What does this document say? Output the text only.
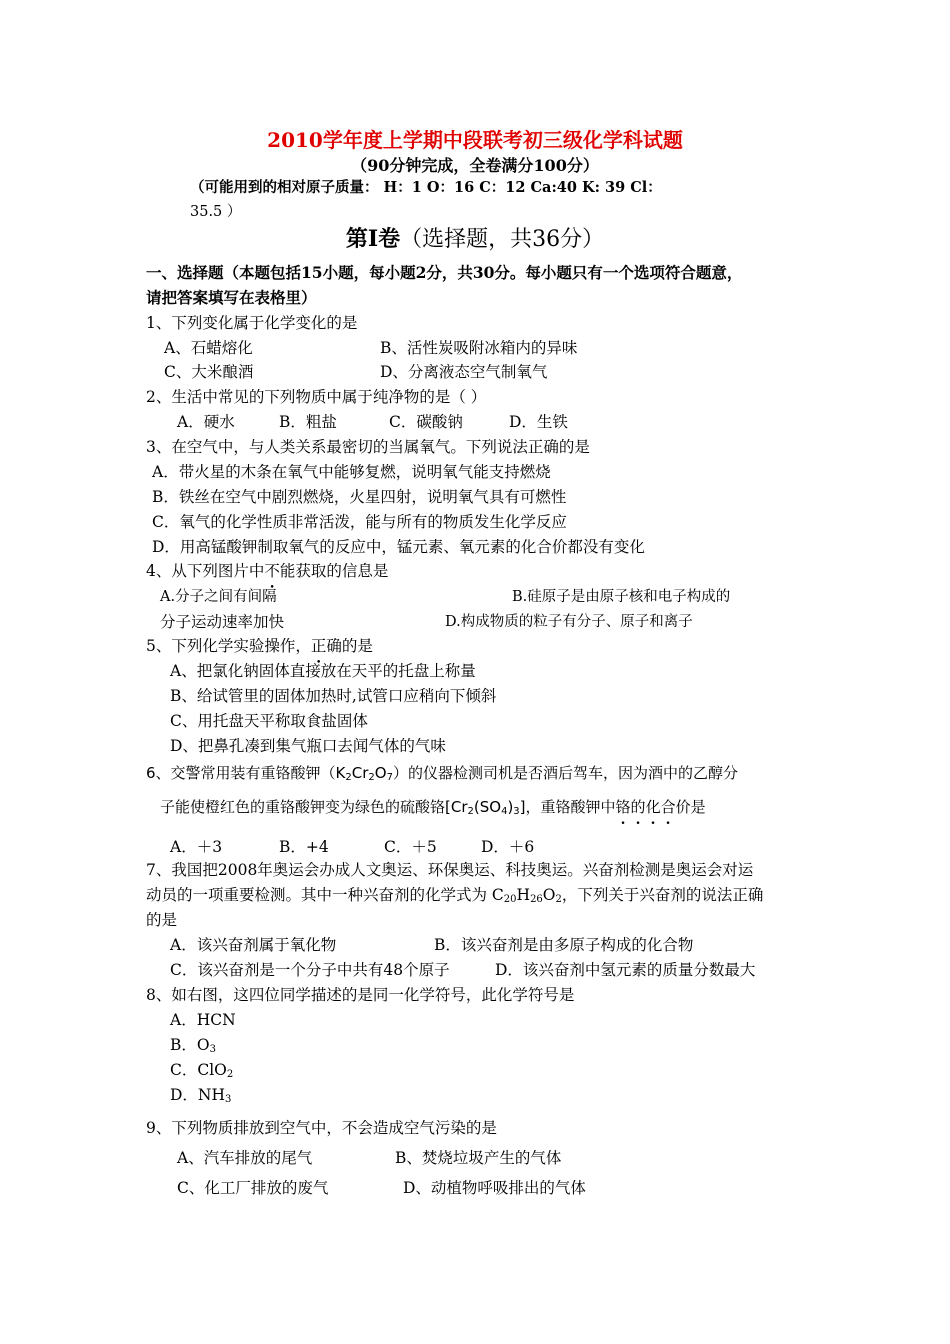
2010学年度上学期中段联考初三级化学科试题
（90分钟完成，全卷满分100分）
（可能用到的相对原子质量： H：1 O：16 C：12 Ca:40 K: 39 Cl：
35.5 ）
第Ⅰ卷（选择题，共36分）
一、选择题（本题包括15小题，每小题2分，共30分。每小题只有一个选项符合题意，
请把答案填写在表格里）
1、下列变化属于化学变化的是
A、石蜡熔化	B、活性炭吸附冰箱内的异味
C、大米酿酒	D、分离液态空气制氧气
2、生活中常见的下列物质中属于纯净物的是（ ）
A．硬水	B．粗盐	C．碳酸钠	D．生铁
3、在空气中，与人类关系最密切的当属氧气。下列说法正确的是
A．带火星的木条在氧气中能够复燃，说明氧气能支持燃烧
B．铁丝在空气中剧烈燃烧，火星四射，说明氧气具有可燃性
C．氧气的化学性质非常活泼，能与所有的物质发生化学反应
D．用高锰酸钾制取氧气的反应中，锰元素、氧元素的化合价都没有变化
4、从下列图片中不能获取的信息是
A.分子之间有间隔	B.硅原子是由原子核和电子构成的
分子运动速率加快	D.构成物质的粒子有分子、原子和离子
5、下列化学实验操作，正确的是
A、把氯化钠固体直接放在天平的托盘上称量
B、给试管里的固体加热时,试管口应稍向下倾斜
C、用托盘天平称取食盐固体
D、把鼻孔凑到集气瓶口去闻气体的气味
6、交警常用装有重铬酸钾$(K_2Cr_2O_7)$的仪器检测司机是否酒后驾车，因为酒中的乙醇分
子能使橙红色的重铬酸钾变为绿色的硫酸铬$[Cr_2(SO_4)_3]$，重铬酸钾中铬的化合价是
A．＋3	B．+4	C．＋5	D．＋6
7、我国把2008年奥运会办成人文奥运、环保奥运、科技奥运。兴奋剂检测是奥运会对运
动员的一项重要检测。其中一种兴奋剂的化学式为 $C_{20}H_{26}O_2$，下列关于兴奋剂的说法正确
的是
A．该兴奋剂属于氧化物	B．该兴奋剂是由多原子构成的化合物
C．该兴奋剂是一个分子中共有48个原子	D．该兴奋剂中氢元素的质量分数最大
8、如右图，这四位同学描述的是同一化学符号，此化学符号是
A．HCN
B．$O_3$
C．ClO$_2$
D．$NH_3$
9、下列物质排放到空气中，不会造成空气污染的是
A、汽车排放的尾气	B、焚烧垃圾产生的气体
C、化工厂排放的废气	D、动植物呼吸排出的气体
